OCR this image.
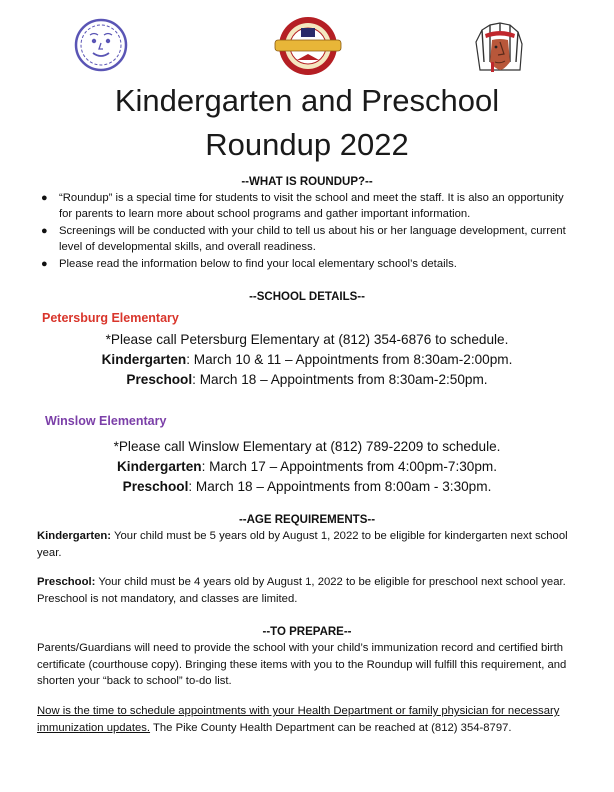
Kindergarten and Preschool
Roundup 2022
--WHAT IS ROUNDUP?--
● “Roundup” is a special time for students to visit the school and meet the staff. It is also an opportunity for parents to learn more about school programs and gather important information.
● Screenings will be conducted with your child to tell us about his or her language development, current level of developmental skills, and overall readiness.
● Please read the information below to find your local elementary school’s details.
--SCHOOL DETAILS--
Petersburg Elementary
*Please call Petersburg Elementary at (812) 354-6876 to schedule.
Kindergarten: March 10 & 11 – Appointments from 8:30am-2:00pm.
Preschool: March 18 – Appointments from 8:30am-2:50pm.
Winslow Elementary
*Please call Winslow Elementary at (812) 789-2209 to schedule.
Kindergarten: March 17 – Appointments from 4:00pm-7:30pm.
Preschool: March 18 – Appointments from 8:00am - 3:30pm.
--AGE REQUIREMENTS--
Kindergarten: Your child must be 5 years old by August 1, 2022 to be eligible for kindergarten next school year.
Preschool: Your child must be 4 years old by August 1, 2022 to be eligible for preschool next school year. Preschool is not mandatory, and classes are limited.
--TO PREPARE--
Parents/Guardians will need to provide the school with your child’s immunization record and certified birth certificate (courthouse copy). Bringing these items with you to the Roundup will fulfill this requirement, and shorten your “back to school” to-do list.
Now is the time to schedule appointments with your Health Department or family physician for necessary immunization updates. The Pike County Health Department can be reached at (812) 354-8797.
